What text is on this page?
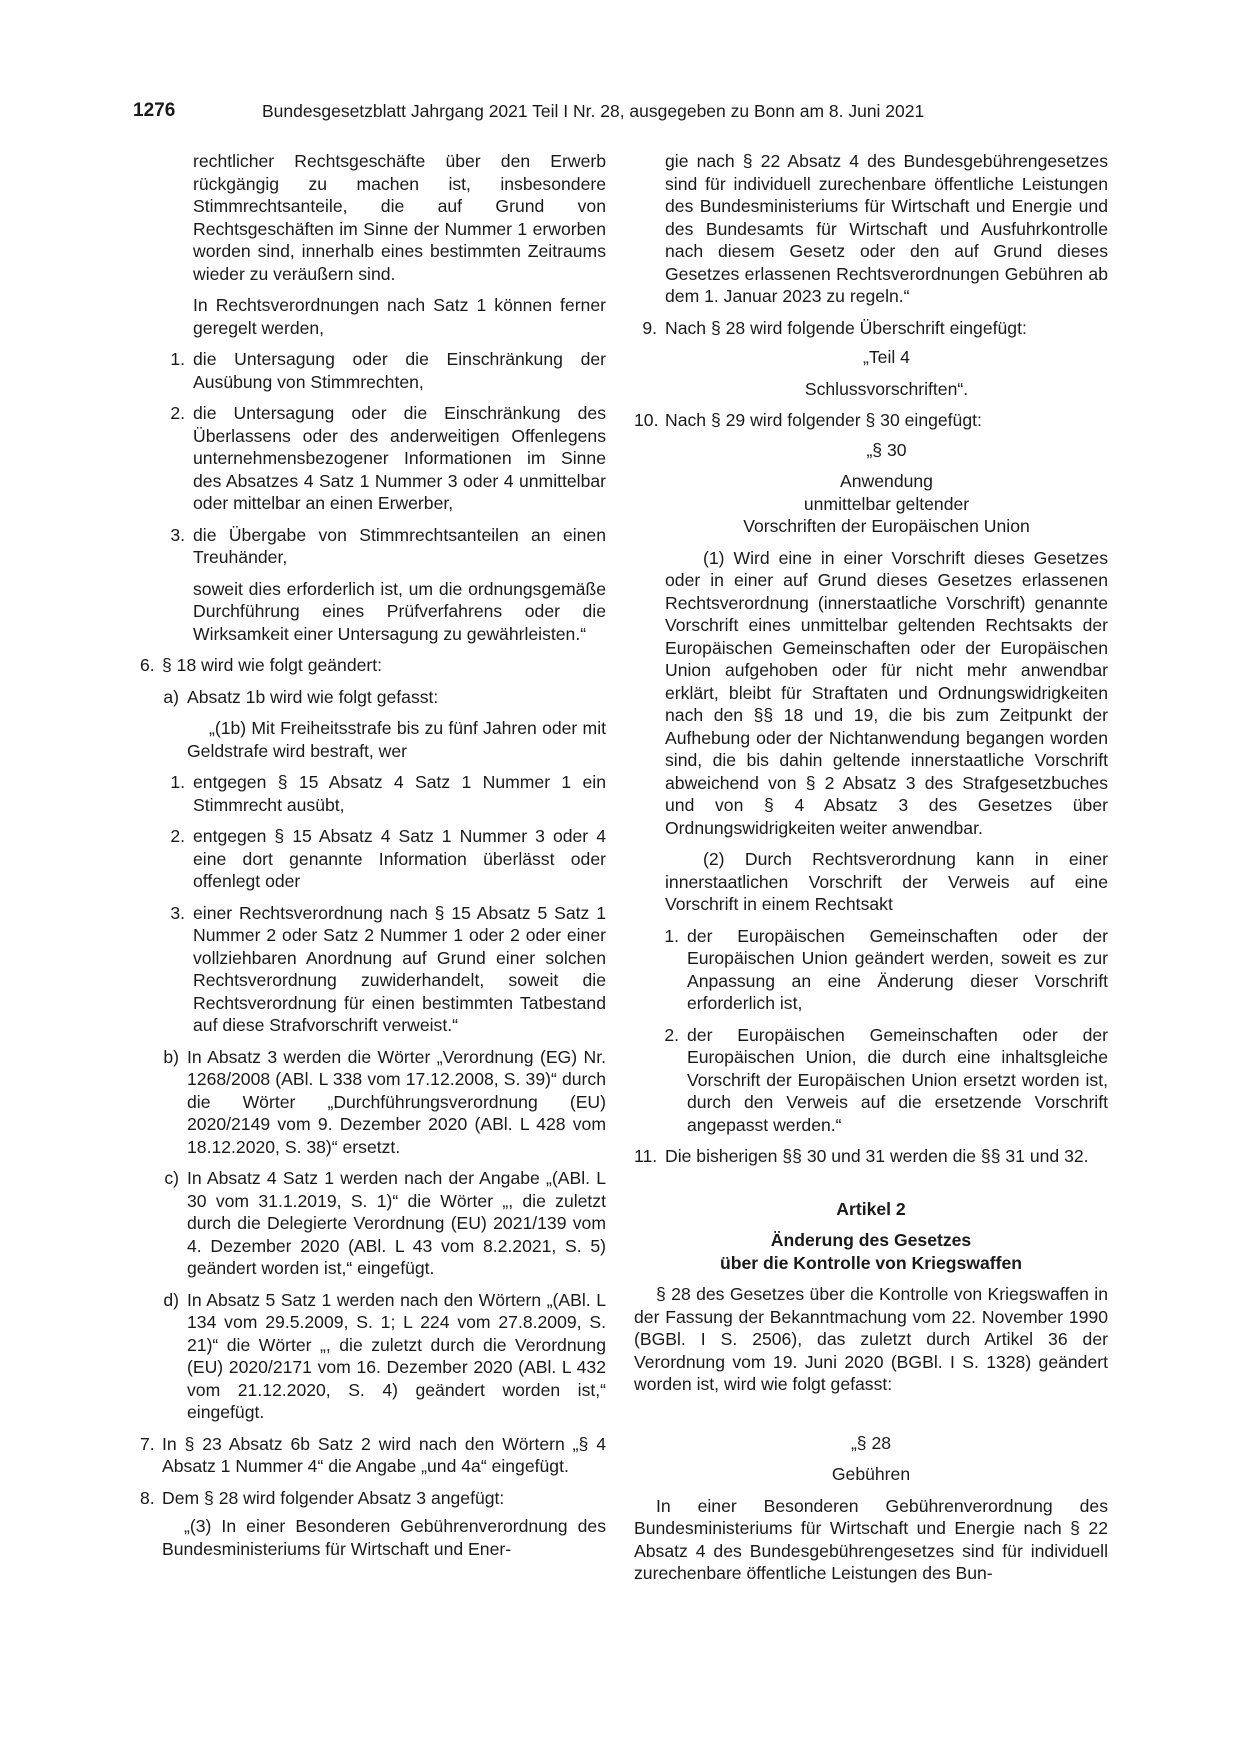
1276	Bundesgesetzblatt Jahrgang 2021 Teil I Nr. 28, ausgegeben zu Bonn am 8. Juni 2021

rechtlicher Rechtsgeschäfte über den Erwerb rückgängig zu machen ist, insbesondere Stimmrechtsanteile, die auf Grund von Rechtsgeschäften im Sinne der Nummer 1 erworben worden sind, innerhalb eines bestimmten Zeitraums wieder zu veräußern sind.

In Rechtsverordnungen nach Satz 1 können ferner geregelt werden,

1. die Untersagung oder die Einschränkung der Ausübung von Stimmrechten,
2. die Untersagung oder die Einschränkung des Überlassens oder des anderweitigen Offenlegens unternehmensbezogener Informationen im Sinne des Absatzes 4 Satz 1 Nummer 3 oder 4 unmittelbar oder mittelbar an einen Erwerber,
3. die Übergabe von Stimmrechtsanteilen an einen Treuhänder,

soweit dies erforderlich ist, um die ordnungsgemäße Durchführung eines Prüfverfahrens oder die Wirksamkeit einer Untersagung zu gewährleisten.“

6. § 18 wird wie folgt geändert:
a) Absatz 1b wird wie folgt gefasst:

„(1b) Mit Freiheitsstrafe bis zu fünf Jahren oder mit Geldstrafe wird bestraft, wer

1. entgegen § 15 Absatz 4 Satz 1 Nummer 1 ein Stimmrecht ausübt,
2. entgegen § 15 Absatz 4 Satz 1 Nummer 3 oder 4 eine dort genannte Information überlässt oder offenlegt oder
3. einer Rechtsverordnung nach § 15 Absatz 5 Satz 1 Nummer 2 oder Satz 2 Nummer 1 oder 2 oder einer vollziehbaren Anordnung auf Grund einer solchen Rechtsverordnung zuwiderhandelt, soweit die Rechtsverordnung für einen bestimmten Tatbestand auf diese Strafvorschrift verweist.“
b) In Absatz 3 werden die Wörter „Verordnung (EG) Nr. 1268/2008 (ABl. L 338 vom 17.12.2008, S. 39)“ durch die Wörter „Durchführungsverordnung (EU) 2020/2149 vom 9. Dezember 2020 (ABl. L 428 vom 18.12.2020, S. 38)“ ersetzt.
c) In Absatz 4 Satz 1 werden nach der Angabe „(ABl. L 30 vom 31.1.2019, S. 1)“ die Wörter „, die zuletzt durch die Delegierte Verordnung (EU) 2021/139 vom 4. Dezember 2020 (ABl. L 43 vom 8.2.2021, S. 5) geändert worden ist,“ eingefügt.
d) In Absatz 5 Satz 1 werden nach den Wörtern „(ABl. L 134 vom 29.5.2009, S. 1; L 224 vom 27.8.2009, S. 21)“ die Wörter „, die zuletzt durch die Verordnung (EU) 2020/2171 vom 16. Dezember 2020 (ABl. L 432 vom 21.12.2020, S. 4) geändert worden ist,“ eingefügt.
7. In § 23 Absatz 6b Satz 2 wird nach den Wörtern „§ 4 Absatz 1 Nummer 4“ die Angabe „und 4a“ eingefügt.
8. Dem § 28 wird folgender Absatz 3 angefügt:

„(3) In einer Besonderen Gebührenverordnung des Bundesministeriums für Wirtschaft und Ener-

gie nach § 22 Absatz 4 des Bundesgebührengesetzes sind für individuell zurechenbare öffentliche Leistungen des Bundesministeriums für Wirtschaft und Energie und des Bundesamts für Wirtschaft und Ausfuhrkontrolle nach diesem Gesetz oder den auf Grund dieses Gesetzes erlassenen Rechtsverordnungen Gebühren ab dem 1. Januar 2023 zu regeln.“

9. Nach § 28 wird folgende Überschrift eingefügt:

„Teil 4

Schlussvorschriften“.

10. Nach § 29 wird folgender § 30 eingefügt:

„§ 30

Anwendung

unmittelbar geltender

Vorschriften der Europäischen Union

(1) Wird eine in einer Vorschrift dieses Gesetzes oder in einer auf Grund dieses Gesetzes erlassenen Rechtsverordnung (innerstaatliche Vorschrift) genannte Vorschrift eines unmittelbar geltenden Rechtsakts der Europäischen Gemeinschaften oder der Europäischen Union aufgehoben oder für nicht mehr anwendbar erklärt, bleibt für Straftaten und Ordnungswidrigkeiten nach den §§ 18 und 19, die bis zum Zeitpunkt der Aufhebung oder der Nichtanwendung begangen worden sind, die bis dahin geltende innerstaatliche Vorschrift abweichend von § 2 Absatz 3 des Strafgesetzbuches und von § 4 Absatz 3 des Gesetzes über Ordnungswidrigkeiten weiter anwendbar.

(2) Durch Rechtsverordnung kann in einer innerstaatlichen Vorschrift der Verweis auf eine Vorschrift in einem Rechtsakt

1. der Europäischen Gemeinschaften oder der Europäischen Union geändert werden, soweit es zur Anpassung an eine Änderung dieser Vorschrift erforderlich ist,
2. der Europäischen Gemeinschaften oder der Europäischen Union, die durch eine inhaltsgleiche Vorschrift der Europäischen Union ersetzt worden ist, durch den Verweis auf die ersetzende Vorschrift angepasst werden.“
11. Die bisherigen §§ 30 und 31 werden die §§ 31 und 32.

Artikel 2

Änderung des Gesetzes

über die Kontrolle von Kriegswaffen

§ 28 des Gesetzes über die Kontrolle von Kriegswaffen in der Fassung der Bekanntmachung vom 22. November 1990 (BGBl. I S. 2506), das zuletzt durch Artikel 36 der Verordnung vom 19. Juni 2020 (BGBl. I S. 1328) geändert worden ist, wird wie folgt gefasst:

„§ 28

Gebühren

In einer Besonderen Gebührenverordnung des Bundesministeriums für Wirtschaft und Energie nach § 22 Absatz 4 des Bundesgebührengesetzes sind für individuell zurechenbare öffentliche Leistungen des Bun-
